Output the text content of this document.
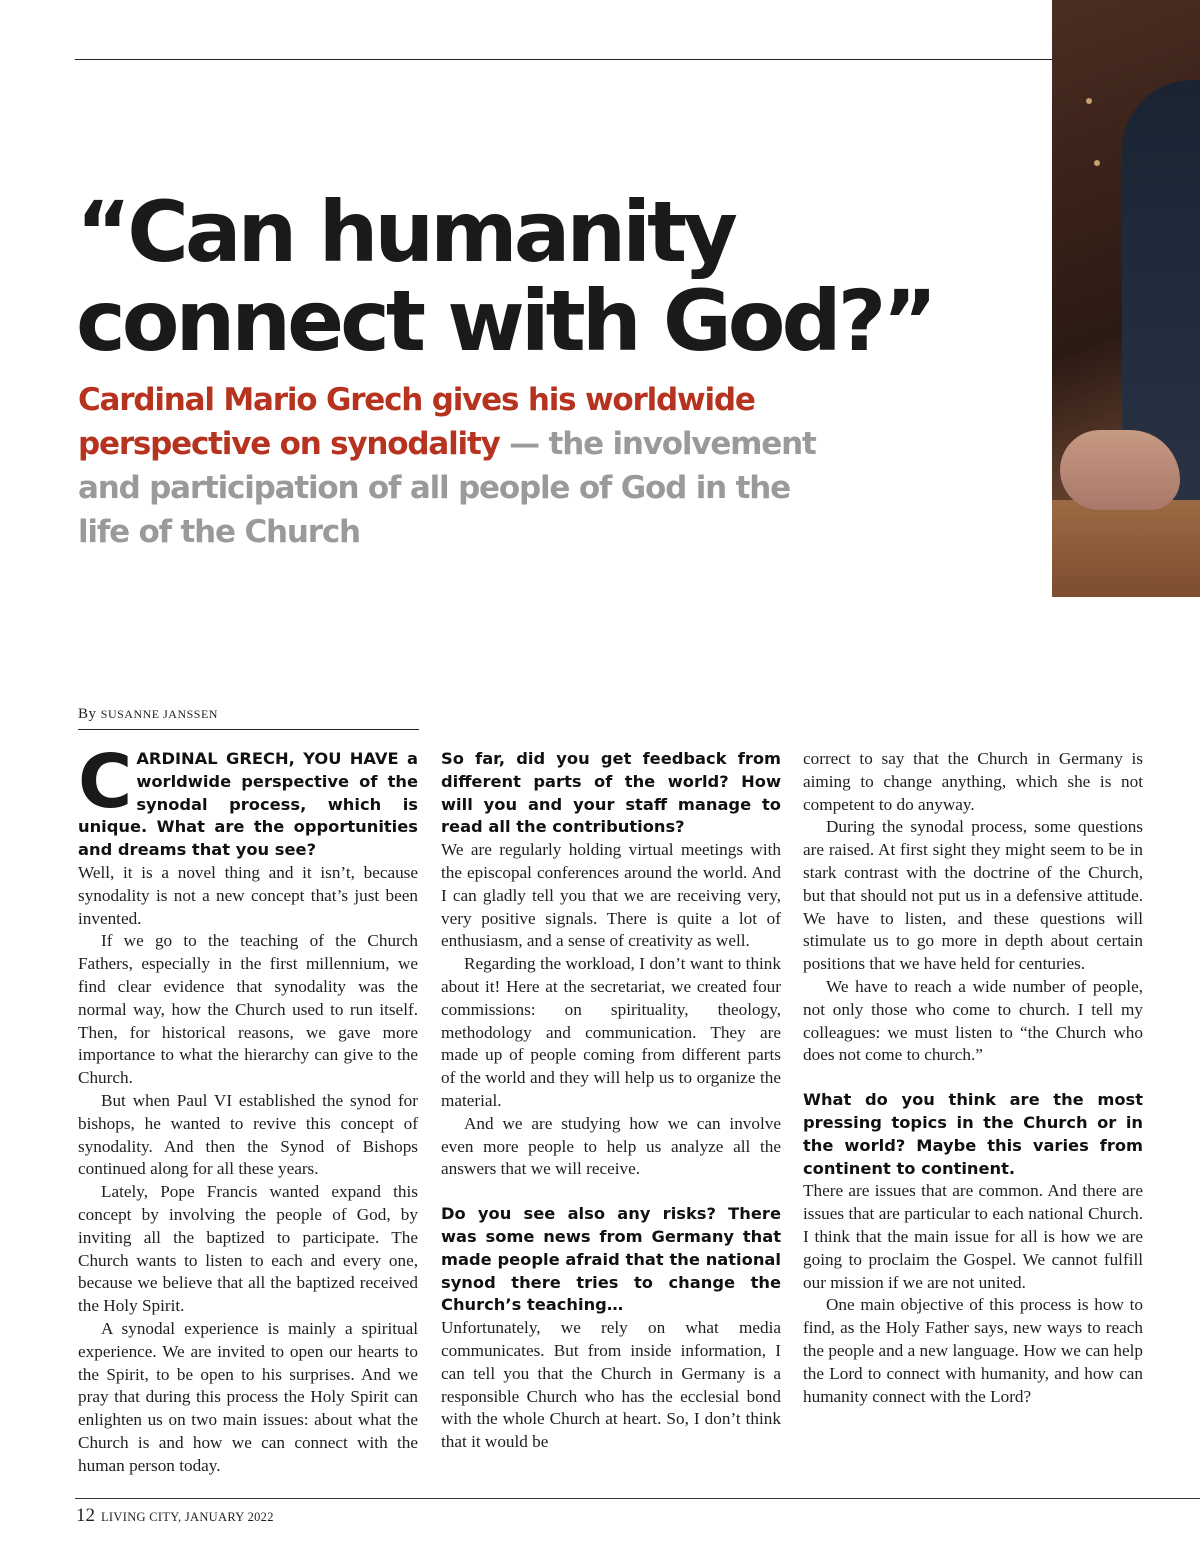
“Can humanity connect with God?”

Cardinal Mario Grech gives his worldwide perspective on synodality — the involvement and participation of all people of God in the life of the Church

By SUSANNE JANSSEN

CARDINAL GRECH, YOU HAVE a worldwide perspective of the synodal process, which is unique. What are the opportunities and dreams that you see?

Well, it is a novel thing and it isn’t, because synodality is not a new concept that’s just been invented.

If we go to the teaching of the Church Fathers, especially in the first millennium, we find clear evidence that synodality was the normal way, how the Church used to run itself. Then, for historical reasons, we gave more importance to what the hierarchy can give to the Church.

But when Paul VI established the synod for bishops, he wanted to revive this concept of synodality. And then the Synod of Bishops continued along for all these years.

Lately, Pope Francis wanted expand this concept by involving the people of God, by inviting all the baptized to participate. The Church wants to listen to each and every one, because we believe that all the baptized received the Holy Spirit.

A synodal experience is mainly a spiritual experience. We are invited to open our hearts to the Spirit, to be open to his surprises. And we pray that during this process the Holy Spirit can enlighten us on two main issues: about what the Church is and how we can connect with the human person today.

So far, did you get feedback from different parts of the world? How will you and your staff manage to read all the contributions?

We are regularly holding virtual meetings with the episcopal conferences around the world. And I can gladly tell you that we are receiving very, very positive signals. There is quite a lot of enthusiasm, and a sense of creativity as well.

Regarding the workload, I don’t want to think about it! Here at the secretariat, we created four commissions: on spirituality, theology, methodology and communication. They are made up of people coming from different parts of the world and they will help us to organize the material.

And we are studying how we can involve even more people to help us analyze all the answers that we will receive.

Do you see also any risks? There was some news from Germany that made people afraid that the national synod there tries to change the Church’s teaching…

Unfortunately, we rely on what media communicates. But from inside information, I can tell you that the Church in Germany is a responsible Church who has the ecclesial bond with the whole Church at heart. So, I don’t think that it would be

correct to say that the Church in Germany is aiming to change anything, which she is not competent to do anyway.

During the synodal process, some questions are raised. At first sight they might seem to be in stark contrast with the doctrine of the Church, but that should not put us in a defensive attitude. We have to listen, and these questions will stimulate us to go more in depth about certain positions that we have held for centuries.

We have to reach a wide number of people, not only those who come to church. I tell my colleagues: we must listen to “the Church who does not come to church.”

What do you think are the most pressing topics in the Church or in the world? Maybe this varies from continent to continent.

There are issues that are common. And there are issues that are particular to each national Church. I think that the main issue for all is how we are going to proclaim the Gospel. We cannot fulfill our mission if we are not united.

One main objective of this process is how to find, as the Holy Father says, new ways to reach the people and a new language. How we can help the Lord to connect with humanity, and how can humanity connect with the Lord?

12 LIVING CITY, JANUARY 2022
